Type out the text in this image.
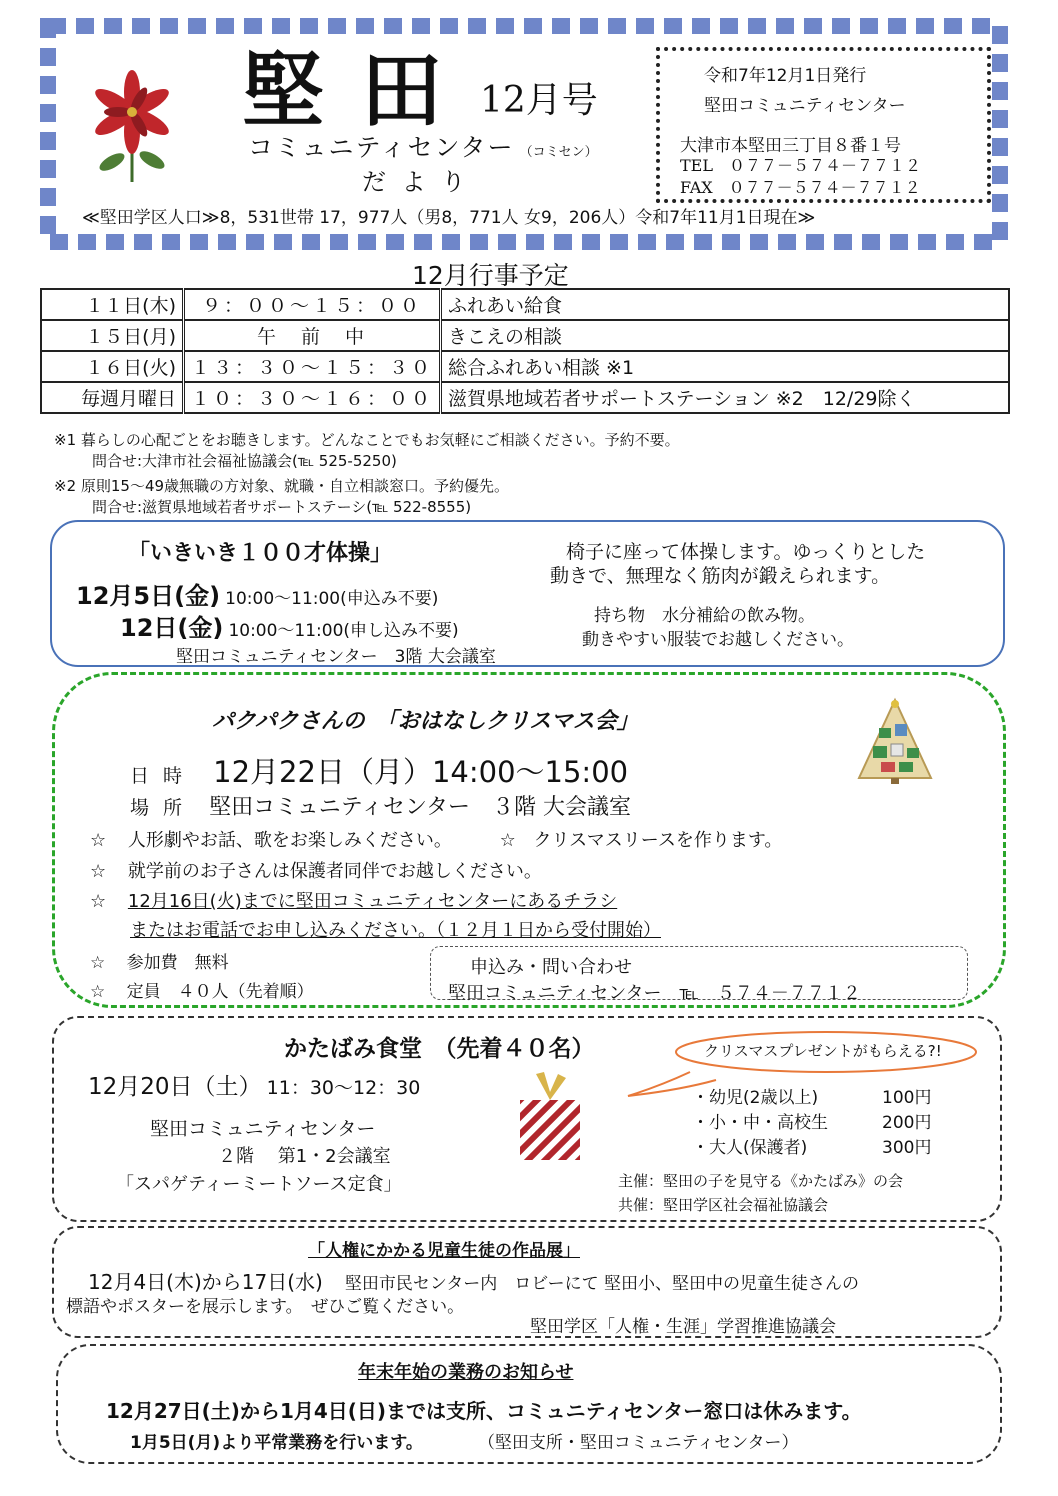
堅 田 12月号
コミュニティセンター （コミセン）
だ よ り
令和7年12月1日発行
堅田コミュニティセンター
大津市本堅田三丁目８番１号
TEL　０７７－５７４－７７１２
FAX　０７７－５７４－７７１２
≪堅田学区人口≫8，531世帯 17，977人（男8，771人 女9，206人）令和7年11月1日現在≫
12月行事予定
１１日(木)	９：００～１５：００	ふれあい給食
１５日(月)	午　前　中	きこえの相談
１６日(火)	１３：３０～１５：３０	総合ふれあい相談 ※1
毎週月曜日	１０：３０～１６：００	滋賀県地域若者サポートステーション ※2　12/29除く
※1 暮らしの心配ごとをお聴きします。どんなことでもお気軽にご相談ください。予約不要。
問合せ:大津市社会福祉協議会(℡ 525-5250)
※2 原則15～49歳無職の方対象、就職・自立相談窓口。予約優先。
問合せ:滋賀県地域若者サポートステーシ(℡ 522-8555)
「いきいき１００才体操」
12月5日(金) 10:00～11:00(申込み不要)
12日(金) 10:00～11:00(申し込み不要)
堅田コミュニティセンター　3階 大会議室
椅子に座って体操します。ゆっくりとした
動きで、無理なく筋肉が鍛えられます。
持ち物　水分補給の飲み物。
動きやすい服装でお越しください。
パクパクさんの　「おはなしクリスマス会」
日 時 12月22日（月）14:00～15:00
場 所 堅田コミュニティセンター　３階 大会議室
☆ 人形劇やお話、歌をお楽しみください。	☆ クリスマスリースを作ります。
☆ 就学前のお子さんは保護者同伴でお越しください。
☆ 12月16日(火)までに堅田コミュニティセンターにあるチラシ
またはお電話でお申し込みください。（１２月１日から受付開始）
☆ 参加費　無料
☆ 定員　４０人（先着順）
申込み・問い合わせ
堅田コミュニティセンター　℡　５７４－７７１２
かたばみ食堂　（先着４０名）
12月20日（土） 11：30～12：30
堅田コミュニティセンター
２階　 第1・2会議室
「スパゲティーミートソース定食」
クリスマスプレゼントがもらえる?!
・幼児(2歳以上)	100円
・小・中・高校生	200円
・大人(保護者)	300円
主催：堅田の子を見守る《かたばみ》の会
共催：堅田学区社会福祉協議会
「人権にかかる児童生徒の作品展」
12月4日(木)から17日(水) 　堅田市民センター内　ロビーにて 堅田小、堅田中の児童生徒さんの
標語やポスターを展示します。　ぜひご覧ください。
堅田学区「人権・生涯」学習推進協議会
年末年始の業務のお知らせ
12月27日(土)から1月4日(日)までは支所、コミュニティセンター窓口は休みます。
1月5日(月)より平常業務を行います。	（堅田支所・堅田コミュニティセンター）
